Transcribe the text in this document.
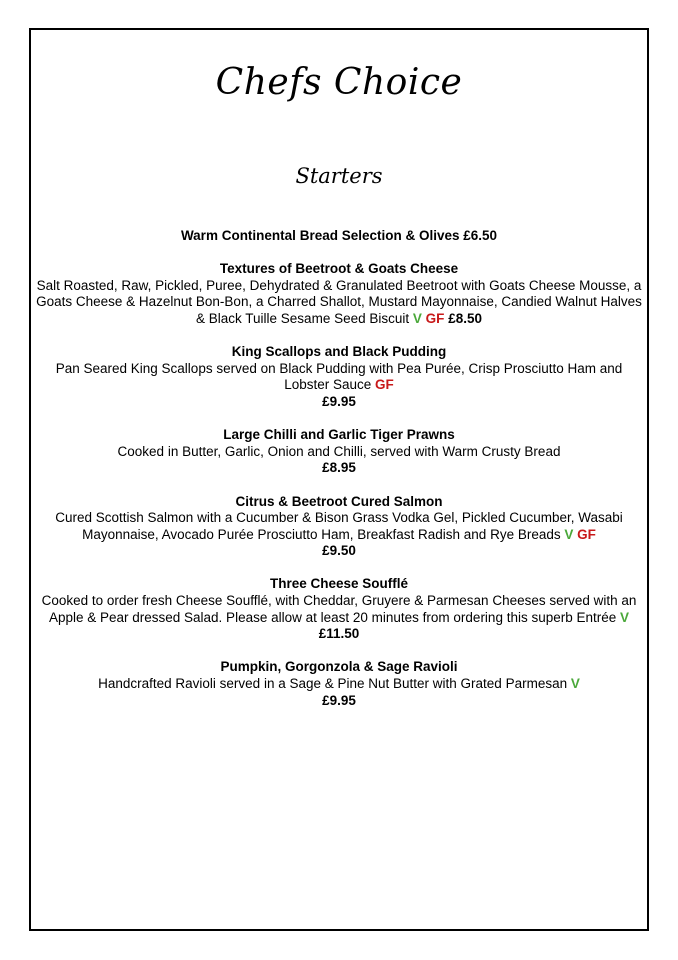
Chefs Choice
Starters
Warm Continental Bread Selection & Olives £6.50
Textures of Beetroot & Goats Cheese
Salt Roasted, Raw, Pickled, Puree, Dehydrated & Granulated Beetroot with Goats Cheese Mousse, a Goats Cheese & Hazelnut Bon-Bon, a Charred Shallot, Mustard Mayonnaise, Candied Walnut Halves & Black Tuille Sesame Seed Biscuit V GF £8.50
King Scallops and Black Pudding
Pan Seared King Scallops served on Black Pudding with Pea Purée, Crisp Prosciutto Ham and Lobster Sauce GF
£9.95
Large Chilli and Garlic Tiger Prawns
Cooked in Butter, Garlic, Onion and Chilli, served with Warm Crusty Bread
£8.95
Citrus & Beetroot Cured Salmon
Cured Scottish Salmon with a Cucumber & Bison Grass Vodka Gel, Pickled Cucumber, Wasabi Mayonnaise, Avocado Purée Prosciutto Ham, Breakfast Radish and Rye Breads V GF
£9.50
Three Cheese Soufflé
Cooked to order fresh Cheese Soufflé, with Cheddar, Gruyere & Parmesan Cheeses served with an Apple & Pear dressed Salad. Please allow at least 20 minutes from ordering this superb Entrée V
£11.50
Pumpkin, Gorgonzola & Sage Ravioli
Handcrafted Ravioli served in a Sage & Pine Nut Butter with Grated Parmesan V
£9.95
